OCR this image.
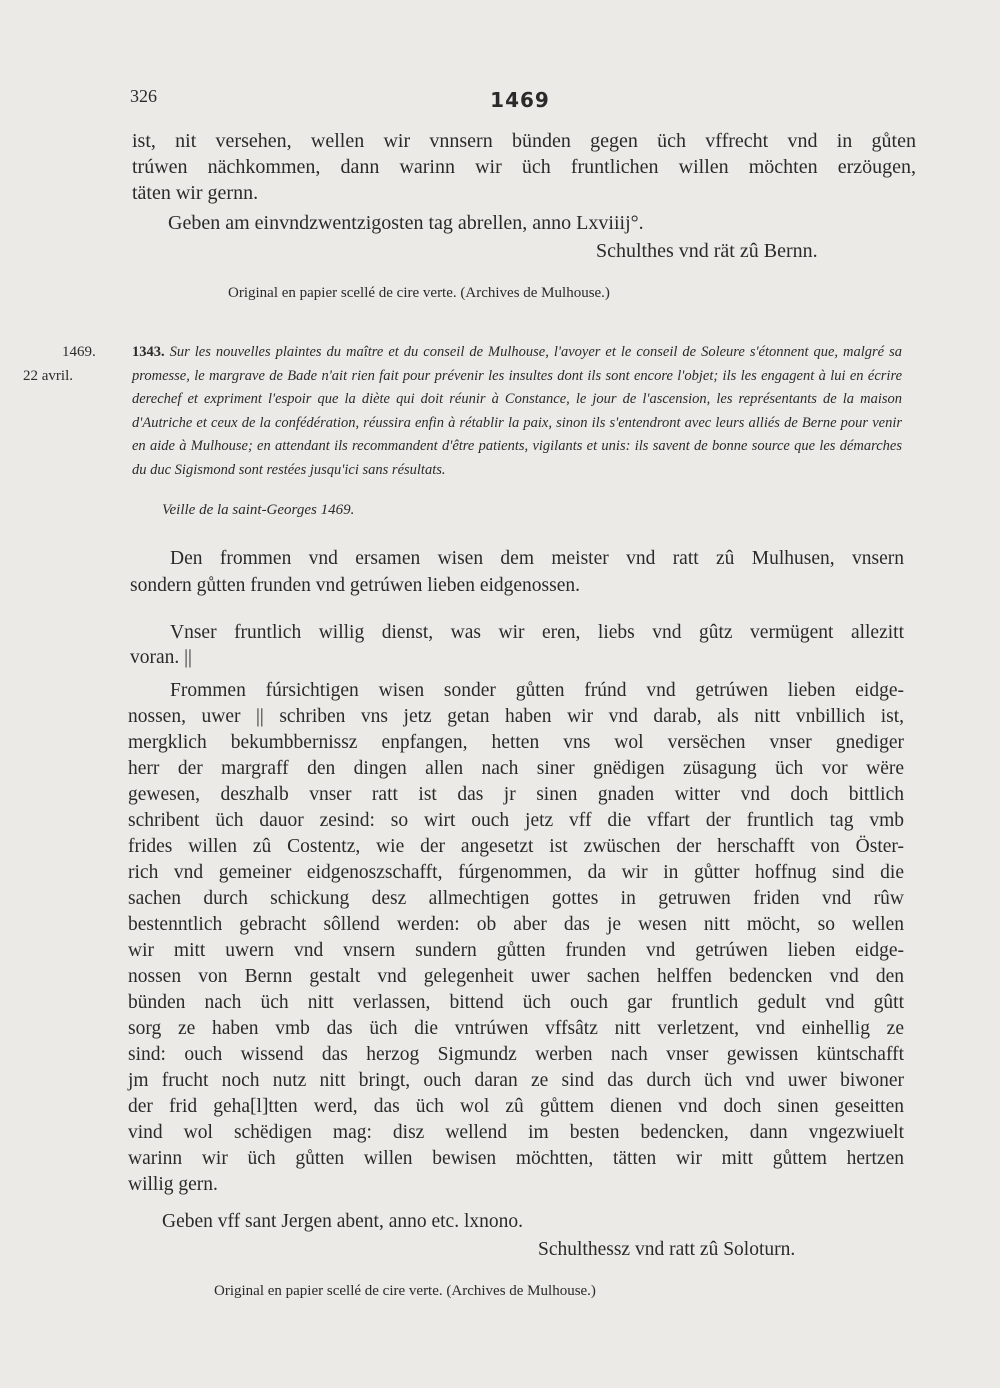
326	1469
ist, nit versehen, wellen wir vnnsern bünden gegen üch vffrecht vnd in gůten
trúwen nächkommen, dann warinn wir üch fruntlichen willen möchten erzöugen,
täten wir gernn.
Geben am einvndzwentzigosten tag abrellen, anno Lxviiij°.
Schulthes vnd rät zû Bernn.
Original en papier scellé de cire verte. (Archives de Mulhouse.)
1469.
22 avril.
1343. Sur les nouvelles plaintes du maître et du conseil de Mulhouse, l'avoyer et le conseil de Soleure s'étonnent que, malgré sa promesse, le margrave de Bade n'ait rien fait pour prévenir les insultes dont ils sont encore l'objet; ils les engagent à lui en écrire derechef et expriment l'espoir que la diète qui doit réunir à Constance, le jour de l'ascension, les représentants de la maison d'Autriche et ceux de la confédération, réussira enfin à rétablir la paix, sinon ils s'entendront avec leurs alliés de Berne pour venir en aide à Mulhouse; en attendant ils recommandent d'être patients, vigilants et unis: ils savent de bonne source que les démarches du duc Sigismond sont restées jusqu'ici sans résultats.
Veille de la saint-Georges 1469.
Den frommen vnd ersamen wisen dem meister vnd ratt zû Mulhusen, vnsern
sondern gůtten frunden vnd getrúwen lieben eidgenossen.
Vnser fruntlich willig dienst, was wir eren, liebs vnd gûtz vermügent allezitt
voran. ||
Frommen fúrsichtigen wisen sonder gůtten frúnd vnd getrúwen lieben eidge-
nossen, uwer || schriben vns jetz getan haben wir vnd darab, als nitt vnbillich ist,
mergklich bekumbbernissz enpfangen, hetten vns wol versëchen vnser gnediger
herr der margraff den dingen allen nach siner gnëdigen züsagung üch vor wëre
gewesen, deszhalb vnser ratt ist das jr sinen gnaden witter vnd doch bittlich
schribent üch dauor zesind: so wirt ouch jetz vff die vffart der fruntlich tag vmb
frides willen zû Costentz, wie der angesetzt ist zwüschen der herschafft von Öster-
rich vnd gemeiner eidgenoszschafft, fúrgenommen, da wir in gůtter hoffnug sind die
sachen durch schickung desz allmechtigen gottes in getruwen friden vnd rûw
bestenntlich gebracht sôllend werden: ob aber das je wesen nitt möcht, so wellen
wir mitt uwern vnd vnsern sundern gůtten frunden vnd getrúwen lieben eidge-
nossen von Bernn gestalt vnd gelegenheit uwer sachen helffen bedencken vnd den
bünden nach üch nitt verlassen, bittend üch ouch gar fruntlich gedult vnd gûtt
sorg ze haben vmb das üch die vntrúwen vffsâtz nitt verletzent, vnd einhellig ze
sind: ouch wissend das herzog Sigmundz werben nach vnser gewissen küntschafft
jm frucht noch nutz nitt bringt, ouch daran ze sind das durch üch vnd uwer biwoner
der frid geha[l]tten werd, das üch wol zû gůttem dienen vnd doch sinen geseitten
vind wol schëdigen mag: disz wellend im besten bedencken, dann vngezwiuelt
warinn wir üch gůtten willen bewisen möchtten, tätten wir mitt gůttem hertzen
willig gern.
Geben vff sant Jergen abent, anno etc. lxnono.
Schulthessz vnd ratt zû Soloturn.
Original en papier scellé de cire verte. (Archives de Mulhouse.)
